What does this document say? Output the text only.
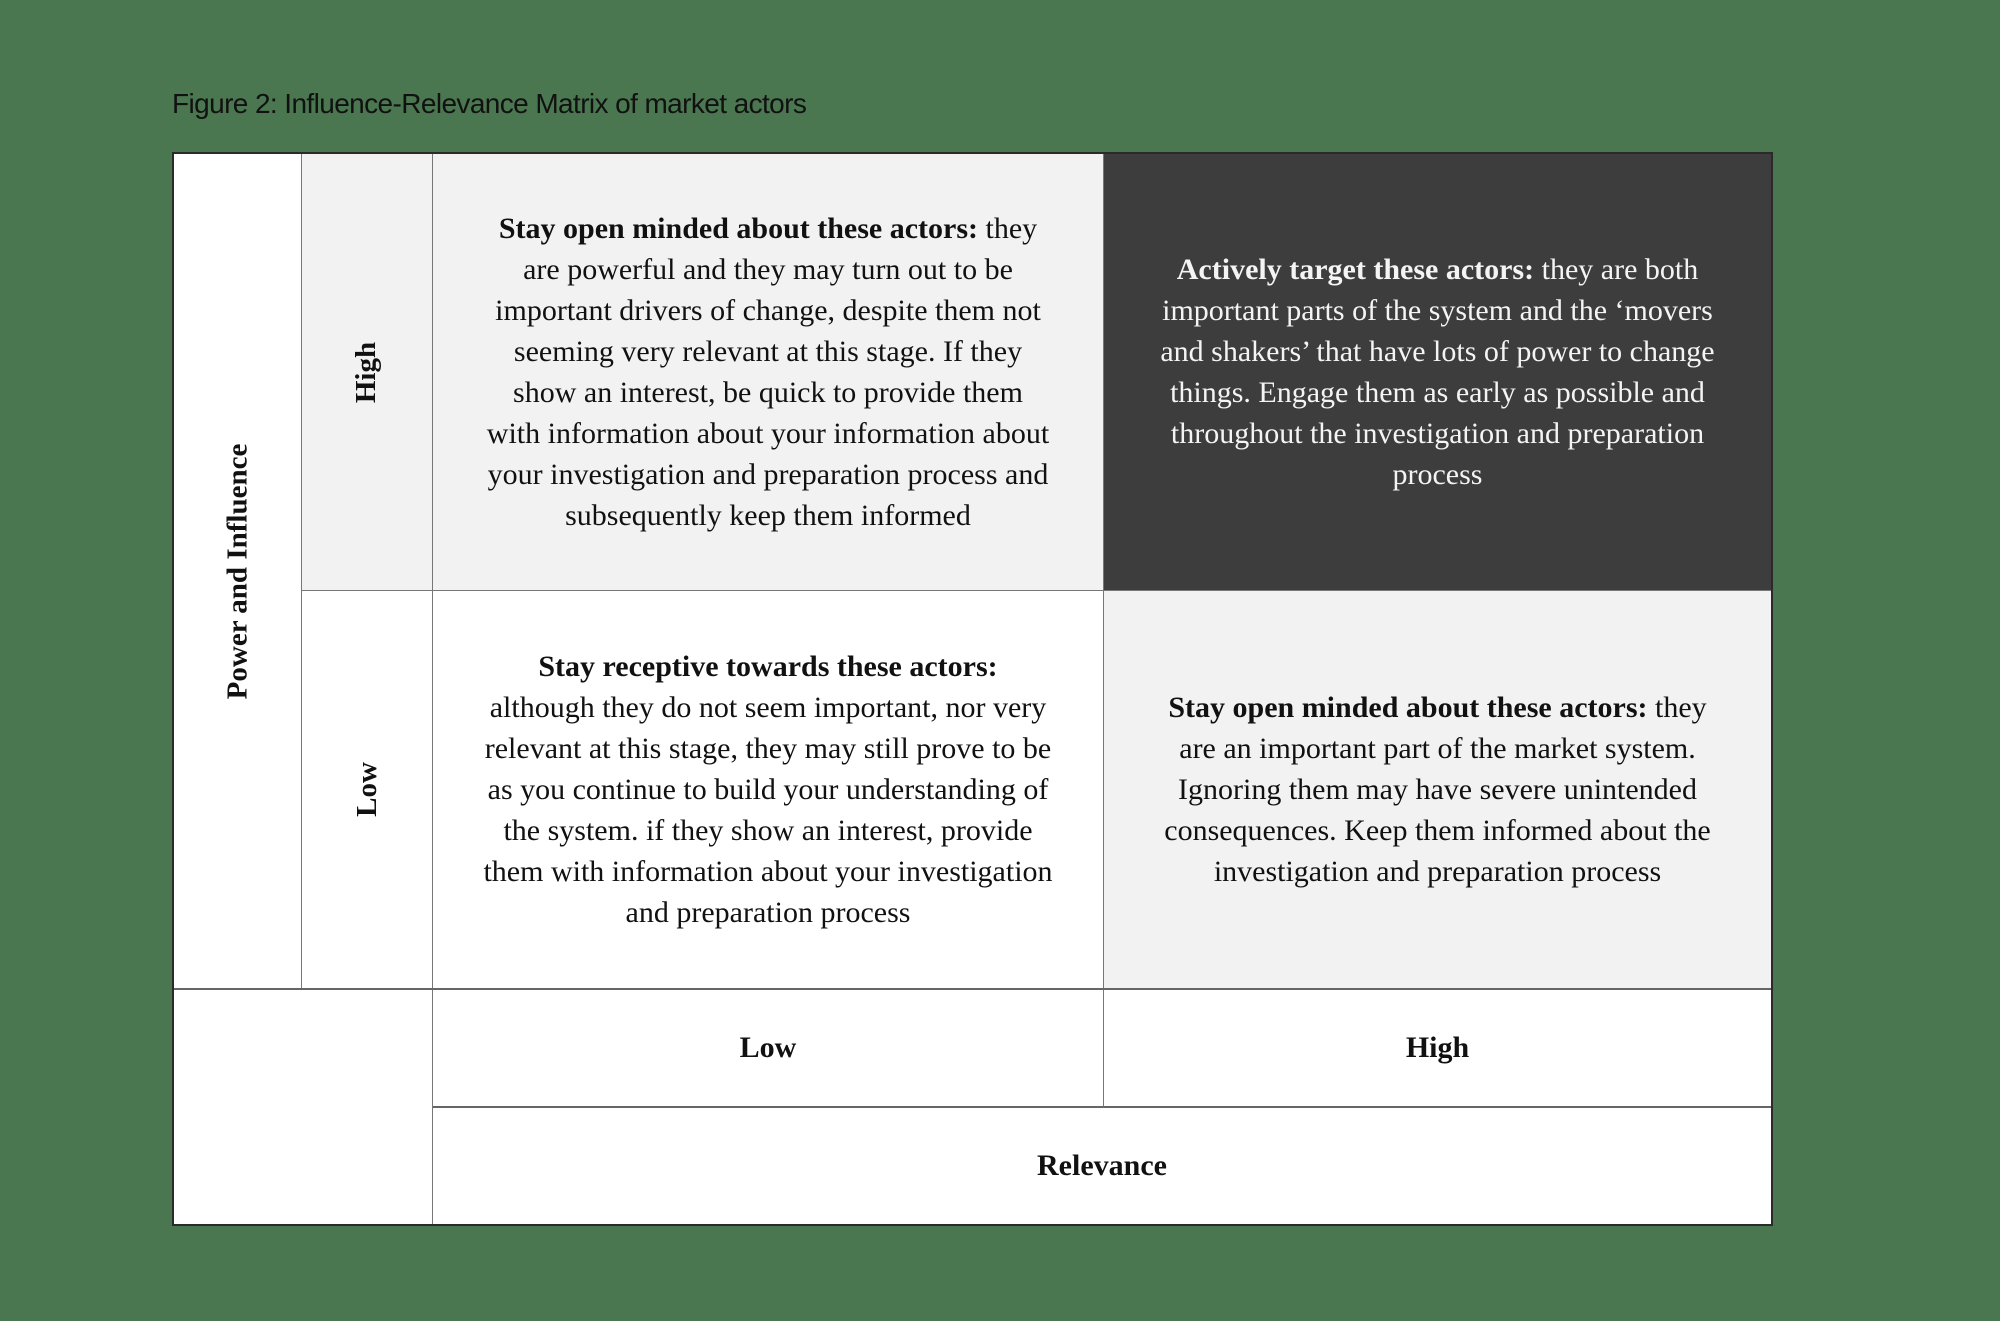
Figure 2: Influence-Relevance Matrix of market actors
Power and Influence
High
Low
Stay open minded about these actors: they are powerful and they may turn out to be important drivers of change, despite them not seeming very relevant at this stage. If they show an interest, be quick to provide them with information about your information about your investigation and preparation process and subsequently keep them informed
Actively target these actors: they are both important parts of the system and the ‘movers and shakers’ that have lots of power to change things. Engage them as early as possible and throughout the investigation and preparation process
Stay receptive towards these actors: although they do not seem important, nor very relevant at this stage, they may still prove to be as you continue to build your understanding of the system. if they show an interest, provide them with information about your investigation and preparation process
Stay open minded about these actors: they are an important part of the market system. Ignoring them may have severe unintended consequences. Keep them informed about the investigation and preparation process
Low	High
Relevance
